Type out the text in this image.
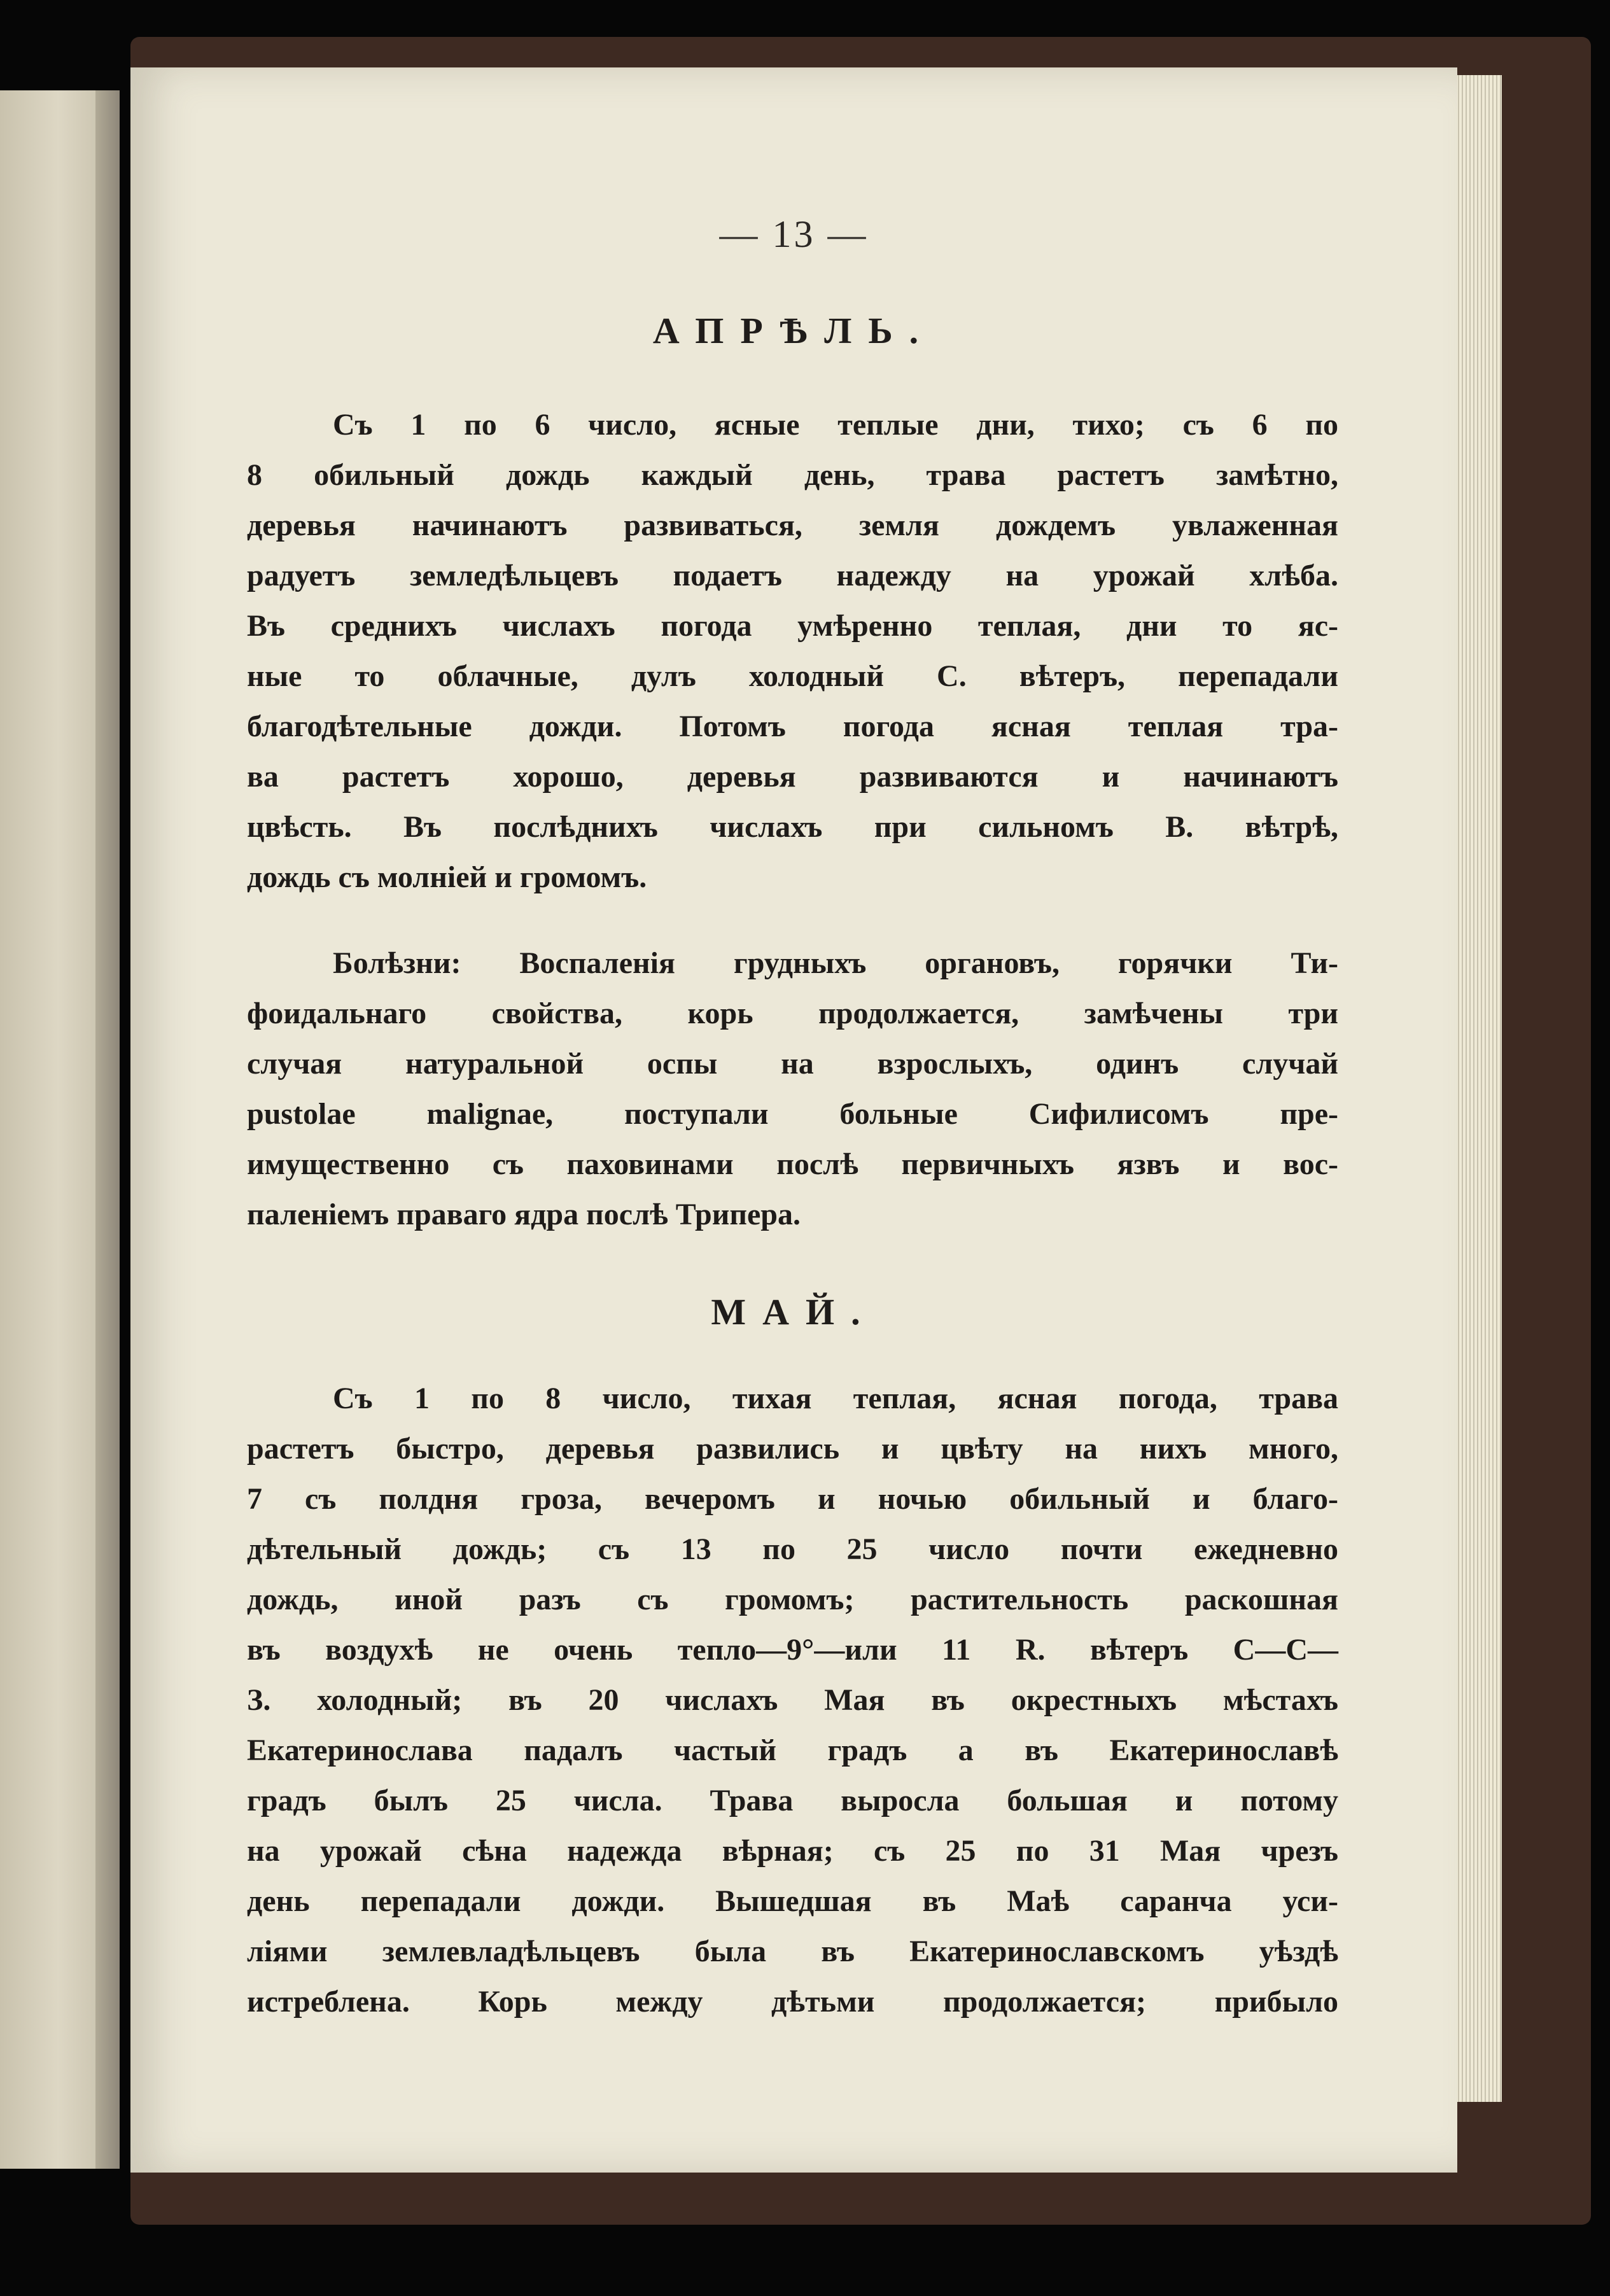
— 13 —
АПРѢЛЬ.
Съ 1 по 6 число, ясные теплые дни, тихо; съ 6 по
8 обильный дождь каждый день, трава растетъ замѣтно,
деревья начинаютъ развиваться, земля дождемъ увлаженная
радуетъ земледѣльцевъ подаетъ надежду на урожай хлѣба.
Въ среднихъ числахъ погода умѣренно теплая, дни то яс-
ные то облачные, дулъ холодный С. вѣтеръ, перепадали
благодѣтельные дожди. Потомъ погода ясная теплая тра-
ва растетъ хорошо, деревья развиваются и начинаютъ
цвѣсть. Въ послѣднихъ числахъ при сильномъ В. вѣтрѣ,
дождь съ молніей и громомъ.
Болѣзни: Воспаленія грудныхъ органовъ, горячки Ти-
фоидальнаго свойства, корь продолжается, замѣчены три
случая натуральной оспы на взрослыхъ, одинъ случай
pustolae malignae, поступали больные Сифилисомъ пре-
имущественно съ паховинами послѣ первичныхъ язвъ и вос-
паленіемъ праваго ядра послѣ Трипера.
МАЙ.
Съ 1 по 8 число, тихая теплая, ясная погода, трава
растетъ быстро, деревья развились и цвѣту на нихъ много,
7 съ полдня гроза, вечеромъ и ночью обильный и благо-
дѣтельный дождь; съ 13 по 25 число почти ежедневно
дождь, иной разъ съ громомъ; растительность раскошная
въ воздухѣ не очень тепло—9°—или 11 R. вѣтеръ С—С—
З. холодный; въ 20 числахъ Мая въ окрестныхъ мѣстахъ
Екатеринослава падалъ частый градъ а въ Екатеринославѣ
градъ былъ 25 числа. Трава выросла большая и потому
на урожай сѣна надежда вѣрная; съ 25 по 31 Мая чрезъ
день перепадали дожди. Вышедшая въ Маѣ саранча уси-
ліями землевладѣльцевъ была въ Екатеринославскомъ уѣздѣ
истреблена. Корь между дѣтьми продолжается; прибыло
